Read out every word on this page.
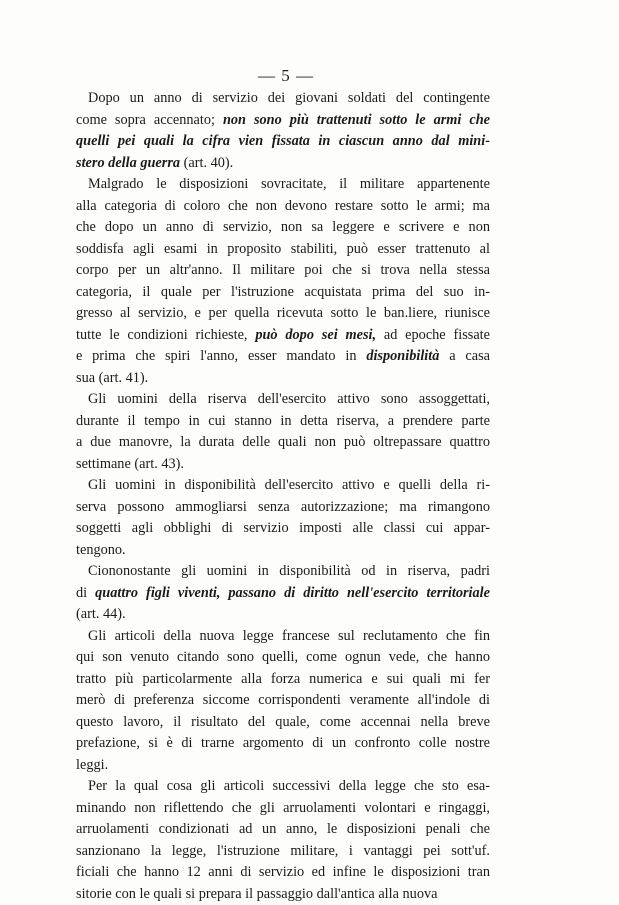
— 5 —
Dopo un anno di servizio dei giovani soldati del contingente
come sopra accennato; non sono più trattenuti sotto le armi che
quelli pei quali la cifra vien fissata in ciascun anno dal mini-
stero della guerra (art. 40).
Malgrado le disposizioni sovracitate, il militare appartenente
alla categoria di coloro che non devono restare sotto le armi; ma
che dopo un anno di servizio, non sa leggere e scrivere e non
soddisfa agli esami in proposito stabiliti, può esser trattenuto al
corpo per un altr'anno. Il militare poi che si trova nella stessa
categoria, il quale per l'istruzione acquistata prima del suo in-
gresso al servizio, e per quella ricevuta sotto le ban.liere, riunisce
tutte le condizioni richieste, può dopo sei mesi, ad epoche fissate
e prima che spiri l'anno, esser mandato in disponibilità a casa
sua (art. 41).
Gli uomini della riserva dell'esercito attivo sono assoggettati,
durante il tempo in cui stanno in detta riserva, a prendere parte
a due manovre, la durata delle quali non può oltrepassare quattro
settimane (art. 43).
Gli uomini in disponibilità dell'esercito attivo e quelli della ri-
serva possono ammogliarsi senza autorizzazione; ma rimangono
soggetti agli obblighi di servizio imposti alle classi cui appar-
tengono.
Ciononostante gli uomini in disponibilità od in riserva, padri
di quattro figli viventi, passano di diritto nell'esercito territoriale
(art. 44).
Gli articoli della nuova legge francese sul reclutamento che fin
qui son venuto citando sono quelli, come ognun vede, che hanno
tratto più particolarmente alla forza numerica e sui quali mi fer
merò di preferenza siccome corrispondenti veramente all'indole di
questo lavoro, il risultato del quale, come accennai nella breve
prefazione, si è di trarne argomento di un confronto colle nostre
leggi.
Per la qual cosa gli articoli successivi della legge che sto esa-
minando non riflettendo che gli arruolamenti volontari e ringaggi,
arruolamenti condizionati ad un anno, le disposizioni penali che
sanzionano la legge, l'istruzione militare, i vantaggi pei sott'uf.
ficiali che hanno 12 anni di servizio ed infine le disposizioni tran
sitorie con le quali si prepara il passaggio dall'antica alla nuova
